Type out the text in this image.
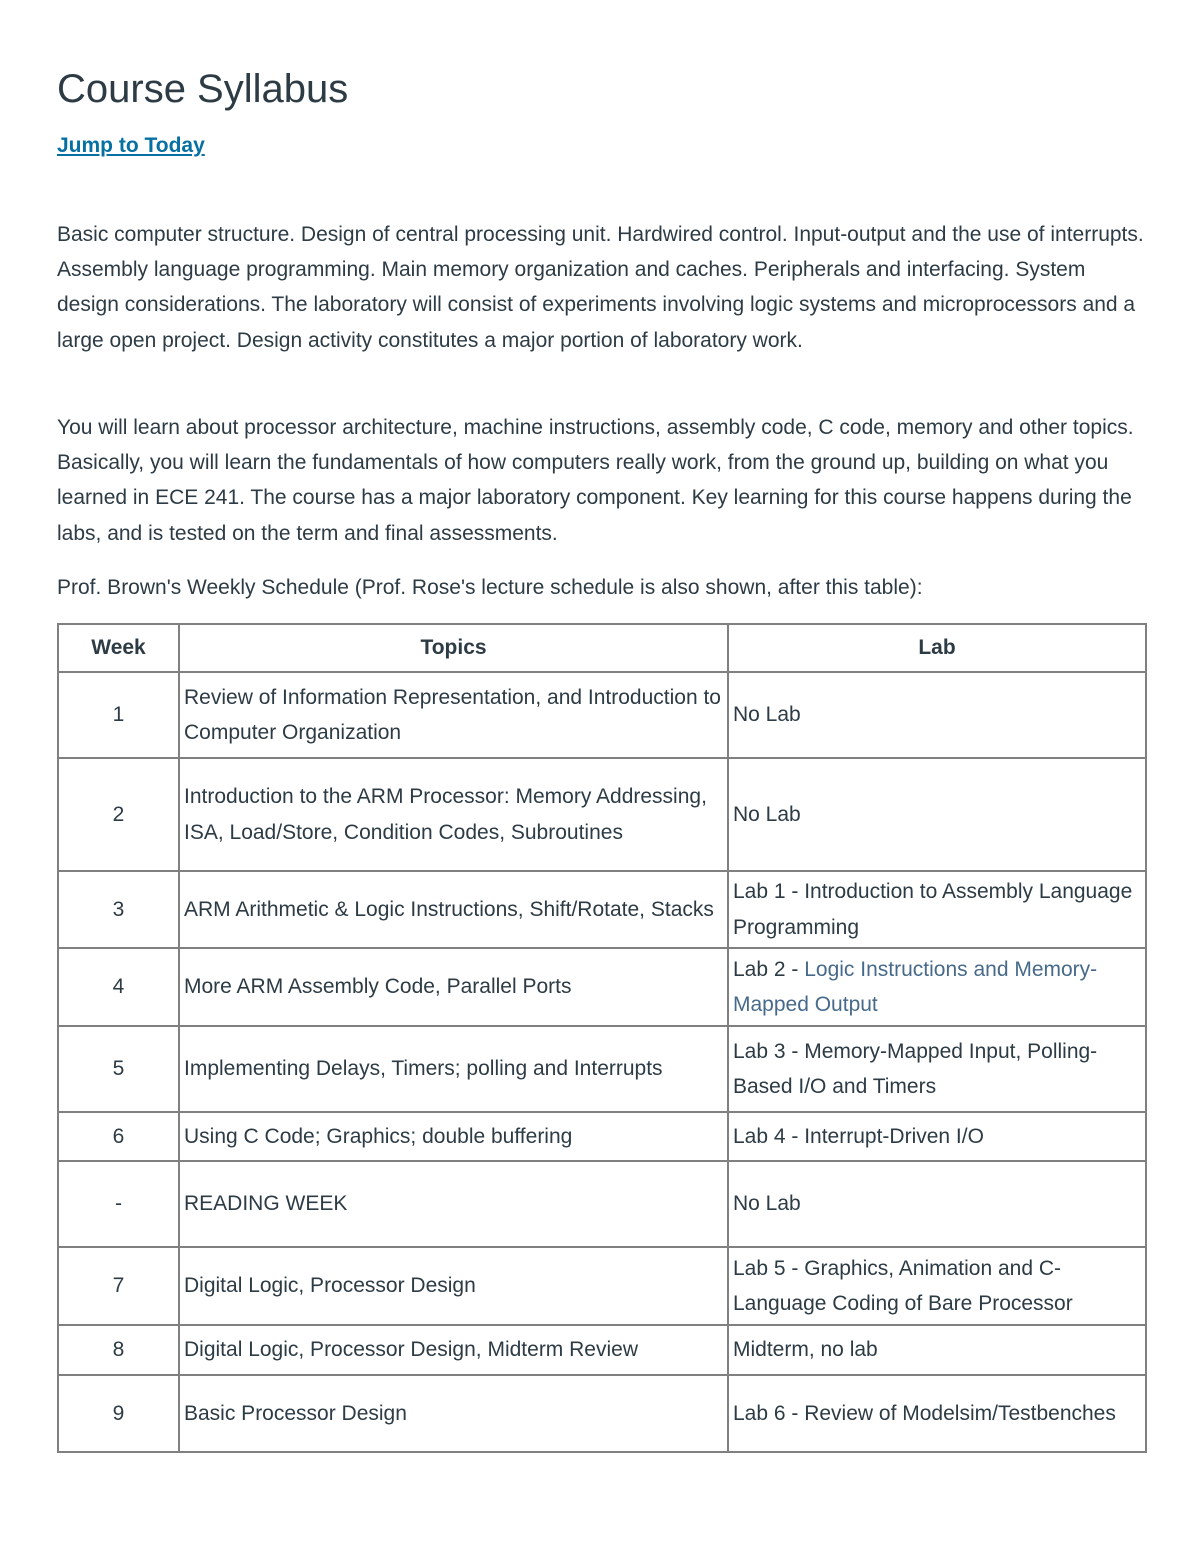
Course Syllabus
Jump to Today

Basic computer structure. Design of central processing unit. Hardwired control. Input-output and the use of interrupts. Assembly language programming. Main memory organization and caches. Peripherals and interfacing. System design considerations. The laboratory will consist of experiments involving logic systems and microprocessors and a large open project. Design activity constitutes a major portion of laboratory work.

You will learn about processor architecture, machine instructions, assembly code, C code, memory and other topics. Basically, you will learn the fundamentals of how computers really work, from the ground up, building on what you learned in ECE 241. The course has a major laboratory component. Key learning for this course happens during the labs, and is tested on the term and final assessments.

Prof. Brown's Weekly Schedule (Prof. Rose's lecture schedule is also shown, after this table):

Week	Topics	Lab
1	Review of Information Representation, and Introduction to Computer Organization	No Lab
2	Introduction to the ARM Processor: Memory Addressing, ISA, Load/Store, Condition Codes, Subroutines	No Lab
3	ARM Arithmetic & Logic Instructions, Shift/Rotate, Stacks	Lab 1 - Introduction to Assembly Language Programming
4	More ARM Assembly Code, Parallel Ports	Lab 2 - Logic Instructions and Memory-Mapped Output
5	Implementing Delays, Timers; polling and Interrupts	Lab 3 - Memory-Mapped Input, Polling-Based I/O and Timers
6	Using C Code; Graphics; double buffering	Lab 4 - Interrupt-Driven I/O
-	READING WEEK	No Lab
7	Digital Logic, Processor Design	Lab 5 - Graphics, Animation and C-Language Coding of Bare Processor
8	Digital Logic, Processor Design, Midterm Review	Midterm, no lab
9	Basic Processor Design	Lab 6 - Review of Modelsim/Testbenches
